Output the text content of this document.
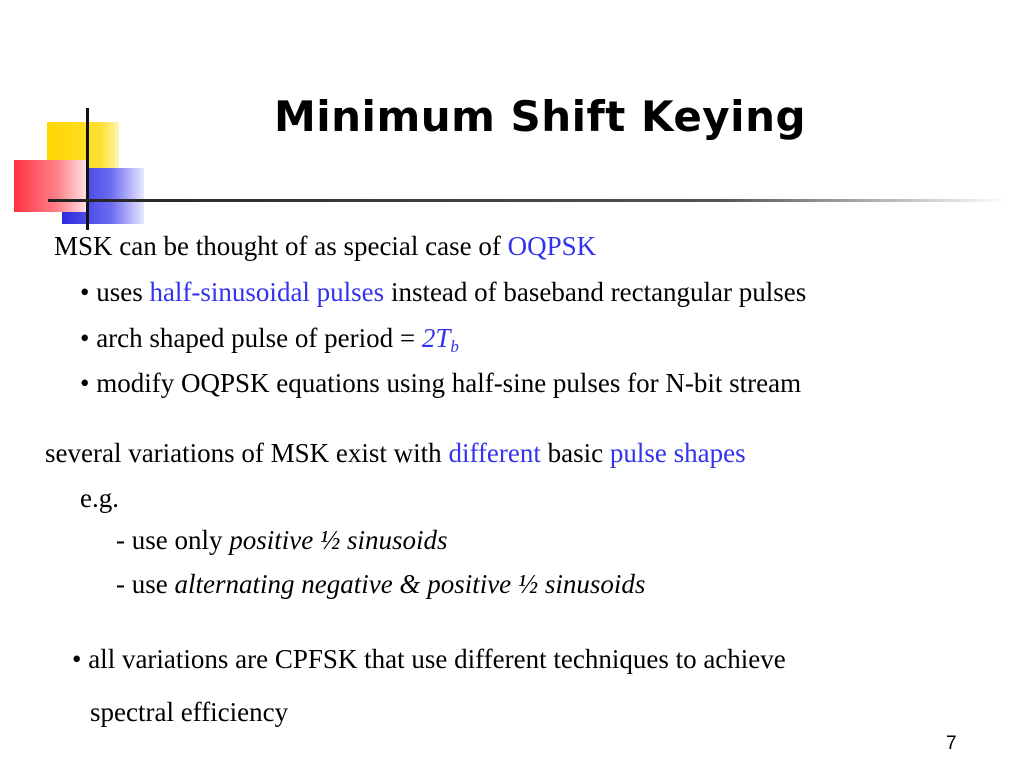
Minimum Shift Keying
MSK can be thought of as special case of OQPSK
• uses half-sinusoidal pulses instead of baseband rectangular pulses
• arch shaped pulse of period = $2T_b$
• modify OQPSK equations using half-sine pulses for N-bit stream
several variations of MSK exist with different basic pulse shapes
e.g.
- use only positive ½ sinusoids
- use alternating negative & positive ½ sinusoids
• all variations are CPFSK that use different techniques to achieve
spectral efficiency
7
